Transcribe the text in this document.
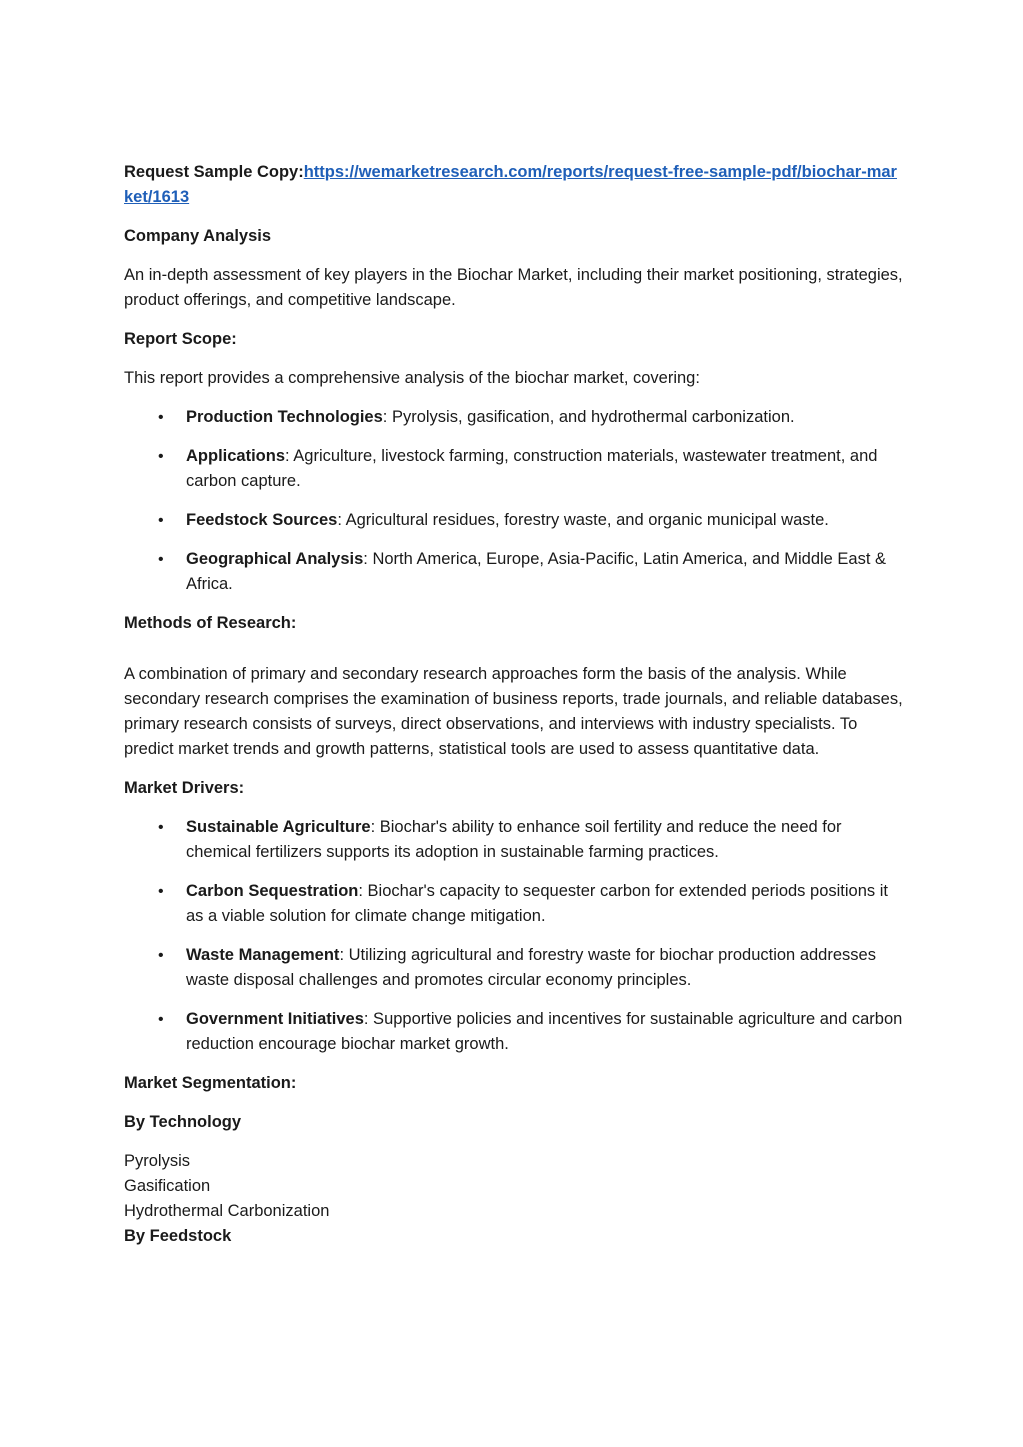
Request Sample Copy:https://wemarketresearch.com/reports/request-free-sample-pdf/biochar-market/1613

Company Analysis

An in-depth assessment of key players in the Biochar Market, including their market positioning, strategies, product offerings, and competitive landscape.

Report Scope:

This report provides a comprehensive analysis of the biochar market, covering:

• Production Technologies: Pyrolysis, gasification, and hydrothermal carbonization.
• Applications: Agriculture, livestock farming, construction materials, wastewater treatment, and carbon capture.
• Feedstock Sources: Agricultural residues, forestry waste, and organic municipal waste.
• Geographical Analysis: North America, Europe, Asia-Pacific, Latin America, and Middle East & Africa.

Methods of Research:

A combination of primary and secondary research approaches form the basis of the analysis. While secondary research comprises the examination of business reports, trade journals, and reliable databases, primary research consists of surveys, direct observations, and interviews with industry specialists. To predict market trends and growth patterns, statistical tools are used to assess quantitative data.

Market Drivers:

• Sustainable Agriculture: Biochar's ability to enhance soil fertility and reduce the need for chemical fertilizers supports its adoption in sustainable farming practices.
• Carbon Sequestration: Biochar's capacity to sequester carbon for extended periods positions it as a viable solution for climate change mitigation.
• Waste Management: Utilizing agricultural and forestry waste for biochar production addresses waste disposal challenges and promotes circular economy principles.
• Government Initiatives: Supportive policies and incentives for sustainable agriculture and carbon reduction encourage biochar market growth.

Market Segmentation:

By Technology

Pyrolysis

Gasification

Hydrothermal Carbonization

By Feedstock
